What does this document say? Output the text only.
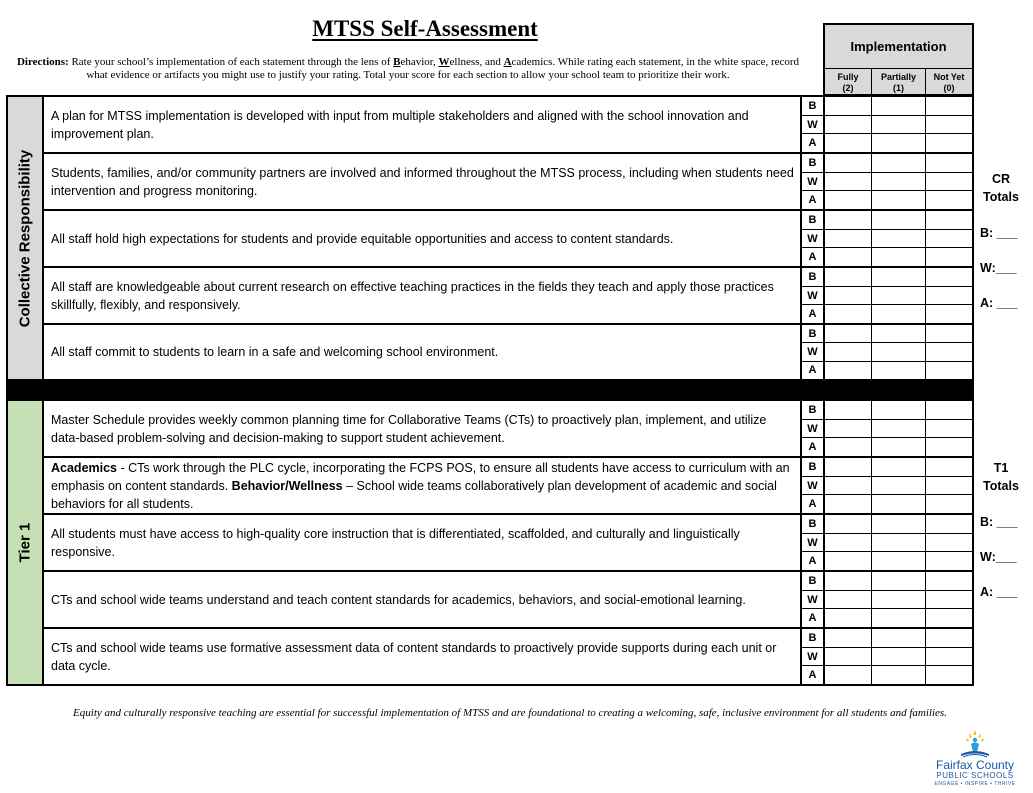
MTSS Self-Assessment
Directions: Rate your school’s implementation of each statement through the lens of Behavior, Wellness, and Academics. While rating each statement, in the white space, record what evidence or artifacts you might use to justify your rating. Total your score for each section to allow your school team to prioritize their work.
Implementation
Fully
(2)
Partially
(1)
Not Yet
(0)
Collective Responsibility
A plan for MTSS implementation is developed with input from multiple stakeholders and aligned with the school innovation and improvement plan.
B
W
A
Students, families, and/or community partners are involved and informed throughout the MTSS process, including when students need intervention and progress monitoring.
B
W
A
All staff hold high expectations for students and provide equitable opportunities and access to content standards.
B
W
A
All staff are knowledgeable about current research on effective teaching practices in the fields they teach and apply those practices skillfully, flexibly, and responsively.
B
W
A
All staff commit to students to learn in a safe and welcoming school environment.
B
W
A
Tier 1
Master Schedule provides weekly common planning time for Collaborative Teams (CTs) to proactively plan, implement, and utilize data-based problem-solving and decision-making to support student achievement.
B
W
A
Academics - CTs work through the PLC cycle, incorporating the FCPS POS, to ensure all students have access to curriculum with an emphasis on content standards. Behavior/Wellness – School wide teams collaboratively plan development of academic and social behaviors for all students.
B
W
A
All students must have access to high-quality core instruction that is differentiated, scaffolded, and culturally and linguistically responsive.
B
W
A
CTs and school wide teams understand and teach content standards for academics, behaviors, and social-emotional learning.
B
W
A
CTs and school wide teams use formative assessment data of content standards to proactively provide supports during each unit or data cycle.
B
W
A
CR
Totals
B: ___
W:___
A: ___
T1
Totals
B: ___
W:___
A: ___
Equity and culturally responsive teaching are essential for successful implementation of MTSS and are foundational to creating a welcoming, safe, inclusive environment for all students and families.
Fairfax County
PUBLIC SCHOOLS
ENGAGE • INSPIRE • THRIVE
